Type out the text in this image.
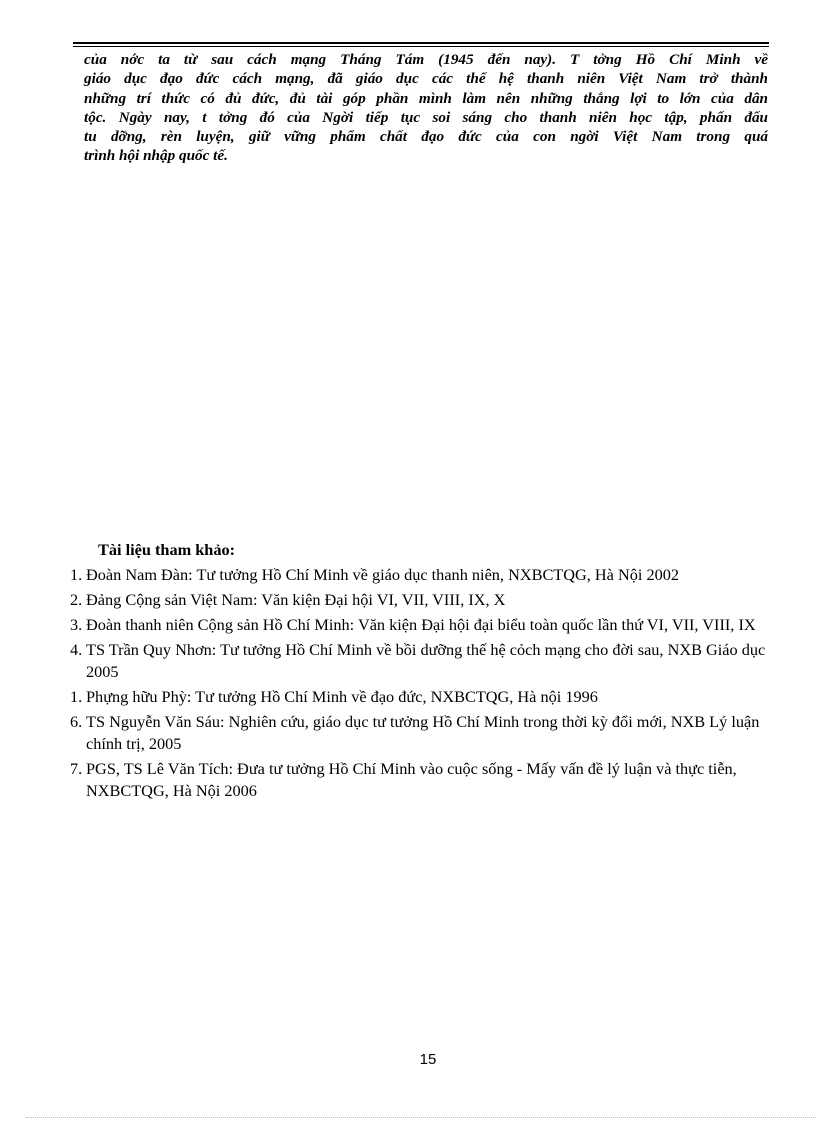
của nớc ta từ sau cách mạng Tháng Tám (1945 đến nay). T tởng Hồ Chí Minh về
giáo dục đạo đức cách mạng, đã giáo dục các thế hệ thanh niên Việt Nam trở thành
những trí thức có đủ đức, đủ tài góp phần mình làm nên những thắng lợi to lớn của dân
tộc. Ngày nay, t tởng đó của Ngời tiếp tục soi sáng cho thanh niên học tập, phấn đấu
tu dỡng, rèn luyện, giữ vững phẩm chất đạo đức của con ngời Việt Nam trong quá
trình hội nhập quốc tế.

Tài liệu tham khảo:
1. Đoàn Nam Đàn: Tư tưởng Hồ Chí Minh về giáo dục thanh niên, NXBCTQG, Hà Nội 2002
2. Đảng Cộng sản Việt Nam: Văn kiện Đại hội VI, VII, VIII, IX, X
3. Đoàn thanh niên Cộng sản Hồ Chí Minh: Văn kiện Đại hội đại biểu toàn quốc lần thứ VI, VII, VIII, IX
4. TS Trần Quy Nhơn: Tư tưởng Hồ Chí Minh về bồi dưỡng thế hệ cỏch mạng cho đời sau, NXB Giáo dục 2005
1. Phựng hữu Phỳ: Tư tưởng Hồ Chí Minh về đạo đức, NXBCTQG, Hà nội 1996
6. TS Nguyễn Văn Sáu: Nghiên cứu, giáo dục tư tưởng Hồ Chí Minh trong thời kỳ đổi mới, NXB Lý luận chính trị, 2005
7. PGS, TS Lê Văn Tích: Đưa tư tưởng Hồ Chí Minh vào cuộc sống - Mấy vấn đề lý luận và thực tiễn, NXBCTQG, Hà Nội 2006
15
